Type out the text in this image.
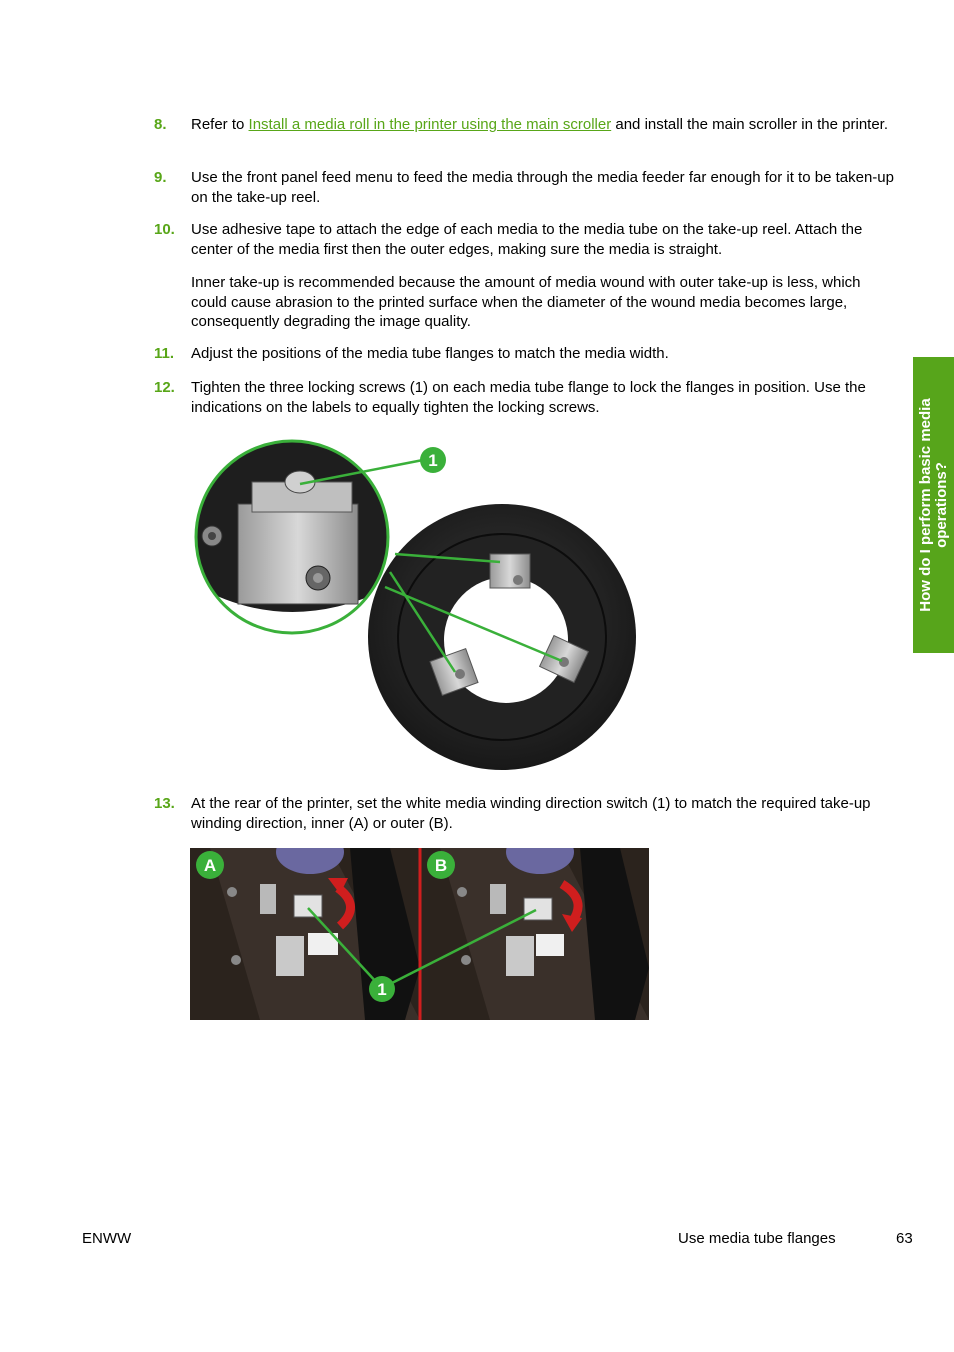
8. Refer to Install a media roll in the printer using the main scroller and install the main scroller in the printer.
9. Use the front panel feed menu to feed the media through the media feeder far enough for it to be taken-up on the take-up reel.
10. Use adhesive tape to attach the edge of each media to the media tube on the take-up reel. Attach the center of the media first then the outer edges, making sure the media is straight.

Inner take-up is recommended because the amount of media wound with outer take-up is less, which could cause abrasion to the printed surface when the diameter of the wound media becomes large, consequently degrading the image quality.

11. Adjust the positions of the media tube flanges to match the media width.
12. Tighten the three locking screws (1) on each media tube flange to lock the flanges in position. Use the indications on the labels to equally tighten the locking screws.
1
13. At the rear of the printer, set the white media winding direction switch (1) to match the required take-up winding direction, inner (A) or outer (B).
1
A	B
How do I perform basic media operations?
ENWW	Use media tube flanges	63
